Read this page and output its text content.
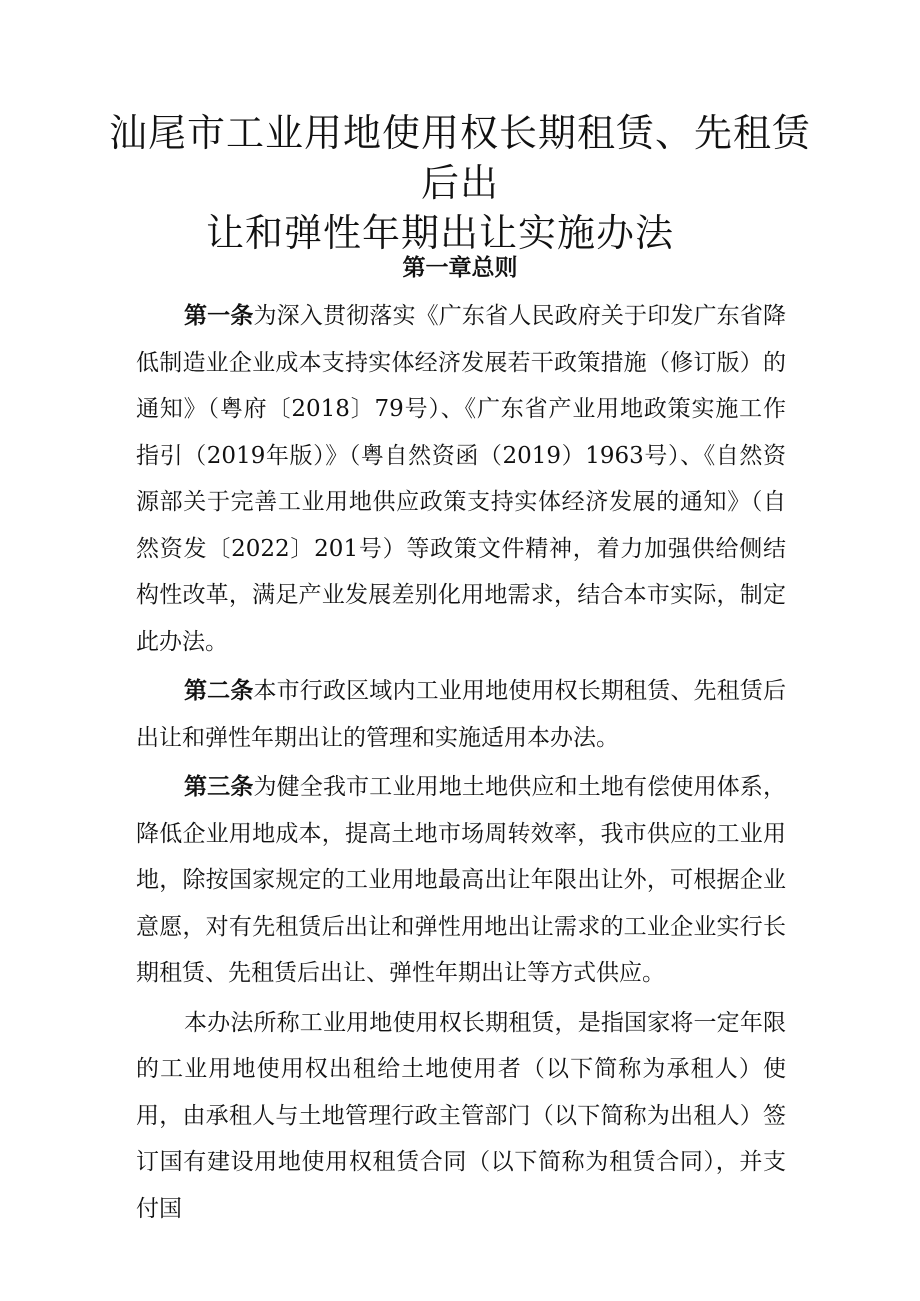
汕尾市工业用地使用权长期租赁、先租赁后出
让和弹性年期出让实施办法
第一章总则

第一条为深入贯彻落实《广东省人民政府关于印发广东省降低制造业企业成本支持实体经济发展若干政策措施（修订版）的通知》（粤府〔2018〕79号）、《广东省产业用地政策实施工作指引（2019年版）》（粤自然资函（2019）1963号）、《自然资源部关于完善工业用地供应政策支持实体经济发展的通知》（自然资发〔2022〕201号）等政策文件精神，着力加强供给侧结构性改革，满足产业发展差别化用地需求，结合本市实际，制定此办法。

第二条本市行政区域内工业用地使用权长期租赁、先租赁后出让和弹性年期出让的管理和实施适用本办法。

第三条为健全我市工业用地土地供应和土地有偿使用体系，降低企业用地成本，提高土地市场周转效率，我市供应的工业用地，除按国家规定的工业用地最高出让年限出让外，可根据企业意愿，对有先租赁后出让和弹性用地出让需求的工业企业实行长期租赁、先租赁后出让、弹性年期出让等方式供应。

本办法所称工业用地使用权长期租赁，是指国家将一定年限的工业用地使用权出租给土地使用者（以下简称为承租人）使用，由承租人与土地管理行政主管部门（以下简称为出租人）签订国有建设用地使用权租赁合同（以下简称为租赁合同），并支付国
